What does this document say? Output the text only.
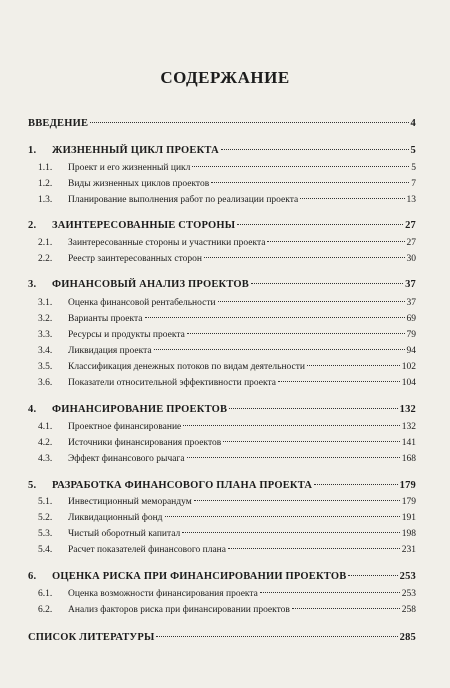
СОДЕРЖАНИЕ
ВВЕДЕНИЕ	4
1.	ЖИЗНЕННЫЙ ЦИКЛ ПРОЕКТА	5
1.1.	Проект и его жизненный цикл	5
1.2.	Виды жизненных циклов проектов	7
1.3.	Планирование выполнения работ по реализации проекта	13
2.	ЗАИНТЕРЕСОВАННЫЕ СТОРОНЫ	27
2.1.	Заинтересованные стороны и участники проекта	27
2.2.	Реестр заинтересованных сторон	30
3.	ФИНАНСОВЫЙ АНАЛИЗ ПРОЕКТОВ	37
3.1.	Оценка финансовой рентабельности	37
3.2.	Варианты проекта	69
3.3.	Ресурсы и продукты проекта	79
3.4.	Ликвидация проекта	94
3.5.	Классификация денежных потоков по видам деятельности	102
3.6.	Показатели относительной эффективности проекта	104
4.	ФИНАНСИРОВАНИЕ ПРОЕКТОВ	132
4.1.	Проектное финансирование	132
4.2.	Источники финансирования проектов	141
4.3.	Эффект финансового рычага	168
5.	РАЗРАБОТКА ФИНАНСОВОГО ПЛАНА ПРОЕКТА	179
5.1.	Инвестиционный меморандум	179
5.2.	Ликвидационный фонд	191
5.3.	Чистый оборотный капитал	198
5.4.	Расчет показателей финансового плана	231
6.	ОЦЕНКА РИСКА ПРИ ФИНАНСИРОВАНИИ ПРОЕКТОВ	253
6.1.	Оценка возможности финансирования проекта	253
6.2.	Анализ факторов риска при финансировании проектов	258
СПИСОК ЛИТЕРАТУРЫ	285
